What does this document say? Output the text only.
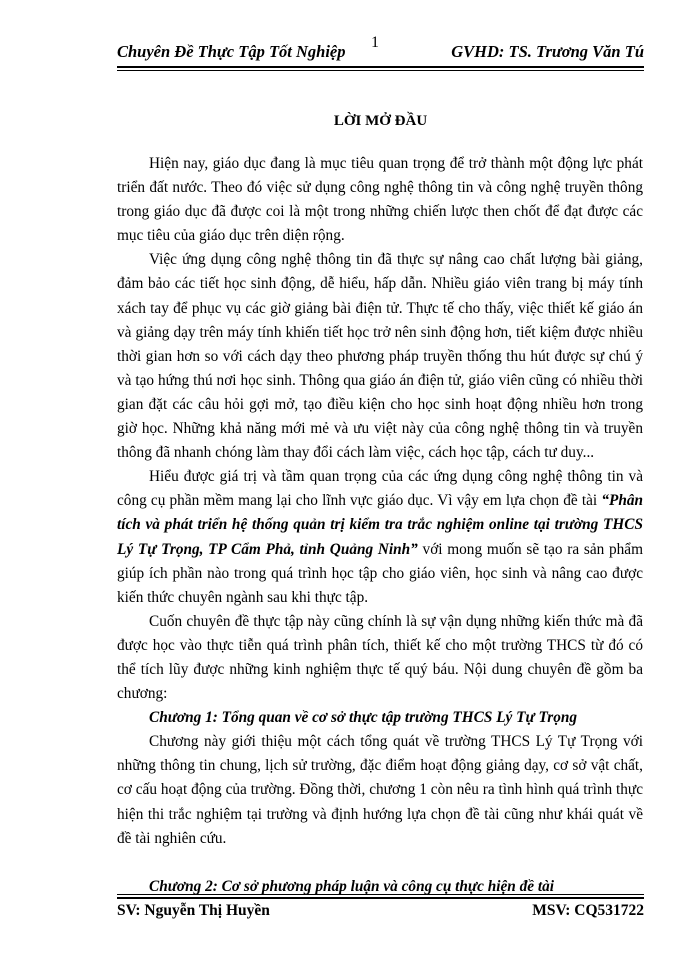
Chuyên Đề Thực Tập Tốt Nghiệp 1	GVHD: TS. Trương Văn Tú
LỜI MỞ ĐẦU

Hiện nay, giáo dục đang là mục tiêu quan trọng để trở thành một động lực phát triển đất nước. Theo đó việc sử dụng công nghệ thông tin và công nghệ truyền thông trong giáo dục đã được coi là một trong những chiến lược then chốt để đạt được các mục tiêu của giáo dục trên diện rộng.

Việc ứng dụng công nghệ thông tin đã thực sự nâng cao chất lượng bài giảng, đảm bảo các tiết học sinh động, dễ hiểu, hấp dẫn. Nhiều giáo viên trang bị máy tính xách tay để phục vụ các giờ giảng bài điện tử. Thực tế cho thấy, việc thiết kế giáo án và giảng dạy trên máy tính khiến tiết học trở nên sinh động hơn, tiết kiệm được nhiều thời gian hơn so với cách dạy theo phương pháp truyền thống thu hút được sự chú ý và tạo hứng thú nơi học sinh. Thông qua giáo án điện tử, giáo viên cũng có nhiều thời gian đặt các câu hỏi gợi mở, tạo điều kiện cho học sinh hoạt động nhiều hơn trong giờ học. Những khả năng mới mẻ và ưu việt này của công nghệ thông tin và truyền thông đã nhanh chóng làm thay đổi cách làm việc, cách học tập, cách tư duy...

Hiểu được giá trị và tầm quan trọng của các ứng dụng công nghệ thông tin và công cụ phần mềm mang lại cho lĩnh vực giáo dục. Vì vậy em lựa chọn đề tài “Phân tích và phát triển hệ thống quản trị kiểm tra trắc nghiệm online tại trường THCS Lý Tự Trọng, TP Cẩm Phả, tỉnh Quảng Ninh” với mong muốn sẽ tạo ra sản phẩm giúp ích phần nào trong quá trình học tập cho giáo viên, học sinh và nâng cao được kiến thức chuyên ngành sau khi thực tập.

Cuốn chuyên đề thực tập này cũng chính là sự vận dụng những kiến thức mà đã được học vào thực tiễn quá trình phân tích, thiết kế cho một trường THCS từ đó có thể tích lũy được những kinh nghiệm thực tế quý báu. Nội dung chuyên đề gồm ba chương:

Chương 1: Tổng quan về cơ sở thực tập trường THCS Lý Tự Trọng

Chương này giới thiệu một cách tổng quát về trường THCS Lý Tự Trọng với những thông tin chung, lịch sử trường, đặc điểm hoạt động giảng dạy, cơ sở vật chất, cơ cấu hoạt động của trường. Đồng thời, chương 1 còn nêu ra tình hình quá trình thực hiện thi trắc nghiệm tại trường và định hướng lựa chọn đề tài cũng như khái quát về đề tài nghiên cứu.

Chương 2: Cơ sở phương pháp luận và công cụ thực hiện đề tài

SV: Nguyễn Thị Huyền	MSV: CQ531722
